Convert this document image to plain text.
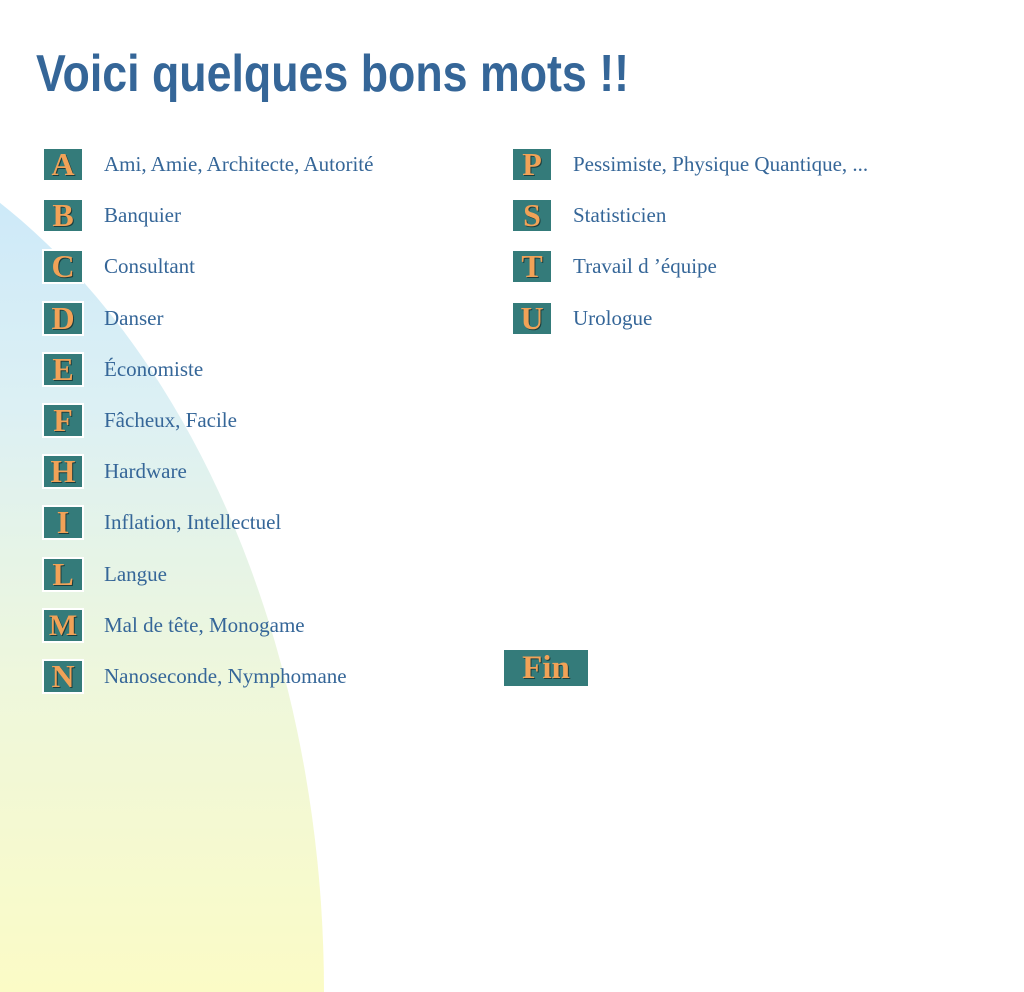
Voici quelques bons mots !!
A	Ami, Amie, Architecte, Autorité
B	Banquier
C	Consultant
D	Danser
E	Économiste
F	Fâcheux, Facile
H	Hardware
I	Inflation, Intellectuel
L	Langue
M	Mal de tête, Monogame
N	Nanoseconde, Nymphomane
P	Pessimiste, Physique Quantique, ...
S	Statisticien
T	Travail d ’équipe
U	Urologue
Fin
